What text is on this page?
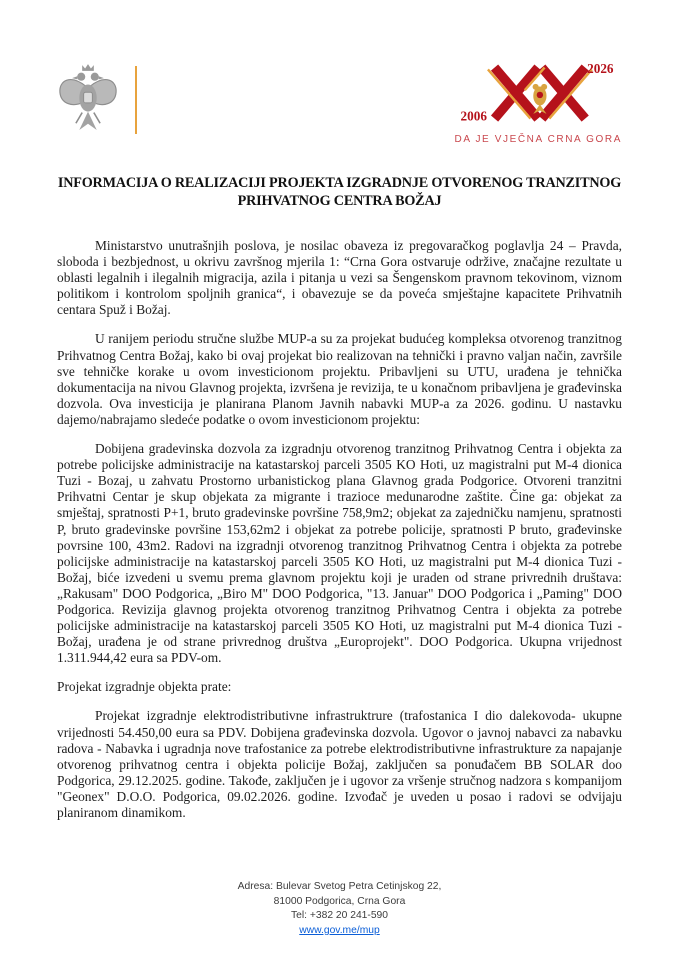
2006
2026
DA JE VJEČNA CRNA GORA
INFORMACIJA O REALIZACIJI PROJEKTA IZGRADNJE OTVORENOG TRANZITNOG
PRIHVATNOG CENTRA BOŽAJ

Ministarstvo unutrašnjih poslova, je nosilac obaveza iz pregovaračkog poglavlja 24 – Pravda, sloboda i bezbjednost, u okrivu završnog mjerila 1: “Crna Gora ostvaruje održive, značajne rezultate u oblasti legalnih i ilegalnih migracija, azila i pitanja u vezi sa Šengenskom pravnom tekovinom, viznom politikom i kontrolom spoljnih granica“, i obavezuje se da poveća smještajne kapacitete Prihvatnih centara Spuž i Božaj.

U ranijem periodu stručne službe MUP-a su za projekat budućeg kompleksa otvorenog tranzitnog Prihvatnog Centra Božaj, kako bi ovaj projekat bio realizovan na tehnički i pravno valjan način, završile sve tehničke korake u ovom investicionom projektu. Pribavljeni su UTU, urađena je tehnička dokumentacija na nivou Glavnog projekta, izvršena je revizija, te u konačnom pribavljena je građevinska dozvola. Ova investicija je planirana Planom Javnih nabavki MUP-a za 2026. godinu. U nastavku dajemo/nabrajamo sledeće podatke o ovom investicionom projektu:

Dobijena gradevinska dozvola za izgradnju otvorenog tranzitnog Prihvatnog Centra i objekta za potrebe policijske administracije na katastarskoj parceli 3505 KO Hoti, uz magistralni put M-4 dionica Tuzi - Bozaj, u zahvatu Prostorno urbanistickog plana Glavnog grada Podgorice. Otvoreni tranzitni Prihvatni Centar je skup objekata za migrante i trazioce medunarodne zaštite. Čine ga: objekat za smještaj, spratnosti P+1, bruto gradevinske površine 758,9m2; objekat za zajedničku namjenu, spratnosti P, bruto gradevinske površine 153,62m2 i objekat za potrebe policije, spratnosti P bruto, građevinske povrsine 100, 43m2. Radovi na izgradnji otvorenog tranzitnog Prihvatnog Centra i objekta za potrebe policijske administracije na katastarskoj parceli 3505 KO Hoti, uz magistralni put M-4 dionica Tuzi - Božaj, biće izvedeni u svemu prema glavnom projektu koji je uraden od strane privrednih društava: „Rakusam" DOO Podgorica, „Biro M" DOO Podgorica, "13. Januar" DOO Podgorica i „Paming" DOO Podgorica. Revizija glavnog projekta otvorenog tranzitnog Prihvatnog Centra i objekta za potrebe policijske administracije na katastarskoj parceli 3505 KO Hoti, uz magistralni put M-4 dionica Tuzi - Božaj, urađena je od strane privrednog društva „Europrojekt". DOO Podgorica. Ukupna vrijednost 1.311.944,42 eura sa PDV-om.

Projekat izgradnje objekta prate:

Projekat izgradnje elektrodistributivne infrastruktrure (trafostanica I dio dalekovoda- ukupne vrijednosti 54.450,00 eura sa PDV. Dobijena građevinska dozvola. Ugovor o javnoj nabavci za nabavku radova - Nabavka i ugradnja nove trafostanice za potrebe elektrodistributivne infrastrukture za napajanje otvorenog prihvatnog centra i objekta policije Božaj, zaključen sa ponuđačem BB SOLAR doo Podgorica, 29.12.2025. godine. Takođe, zaključen je i ugovor za vršenje stručnog nadzora s kompanijom "Geonex" D.O.O. Podgorica, 09.02.2026. godine. Izvođač je uveden u posao i radovi se odvijaju planiranom dinamikom.

Adresa: Bulevar Svetog Petra Cetinjskog 22,
81000 Podgorica, Crna Gora
Tel: +382 20 241-590
www.gov.me/mup
